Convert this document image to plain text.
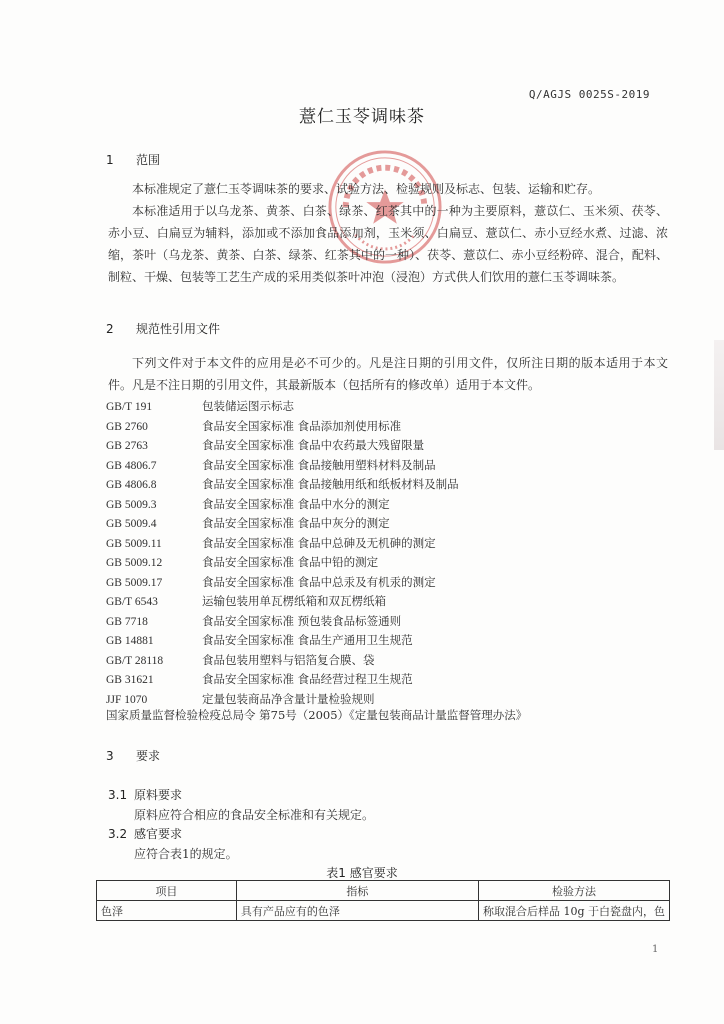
Q/AGJS 0025S-2019
薏仁玉苓调味茶
1 范围
本标准规定了薏仁玉苓调味茶的要求、试验方法、检验规则及标志、包装、运输和贮存。
本标准适用于以乌龙茶、黄茶、白茶、绿茶、红茶其中的一种为主要原料，薏苡仁、玉米须、茯苓、赤小豆、白扁豆为辅料，添加或不添加食品添加剂，玉米须、白扁豆、薏苡仁、赤小豆经水煮、过滤、浓缩，茶叶（乌龙茶、黄茶、白茶、绿茶、红茶其中的一种）、茯苓、薏苡仁、赤小豆经粉碎、混合，配料、制粒、干燥、包装等工艺生产成的采用类似茶叶冲泡（浸泡）方式供人们饮用的薏仁玉苓调味茶。
2 规范性引用文件
下列文件对于本文件的应用是必不可少的。凡是注日期的引用文件，仅所注日期的版本适用于本文件。凡是不注日期的引用文件，其最新版本（包括所有的修改单）适用于本文件。
GB/T 191	包装储运图示标志
GB 2760	食品安全国家标准 食品添加剂使用标准
GB 2763	食品安全国家标准 食品中农药最大残留限量
GB 4806.7	食品安全国家标准 食品接触用塑料材料及制品
GB 4806.8	食品安全国家标准 食品接触用纸和纸板材料及制品
GB 5009.3	食品安全国家标准 食品中水分的测定
GB 5009.4	食品安全国家标准 食品中灰分的测定
GB 5009.11	食品安全国家标准 食品中总砷及无机砷的测定
GB 5009.12	食品安全国家标准 食品中铅的测定
GB 5009.17	食品安全国家标准 食品中总汞及有机汞的测定
GB/T 6543	运输包装用单瓦楞纸箱和双瓦楞纸箱
GB 7718	食品安全国家标准 预包装食品标签通则
GB 14881	食品安全国家标准 食品生产通用卫生规范
GB/T 28118	食品包装用塑料与铝箔复合膜、袋
GB 31621	食品安全国家标准 食品经营过程卫生规范
JJF 1070	定量包装商品净含量计量检验规则
国家质量监督检验检疫总局令 第75号（2005）《定量包装商品计量监督管理办法》
3 要求
3.1 原料要求
原料应符合相应的食品安全标准和有关规定。
3.2 感官要求
应符合表1的规定。
表1 感官要求
项目	指标	检验方法
色泽	具有产品应有的色泽	称取混合后样品 10g 于白瓷盘内，色
1
